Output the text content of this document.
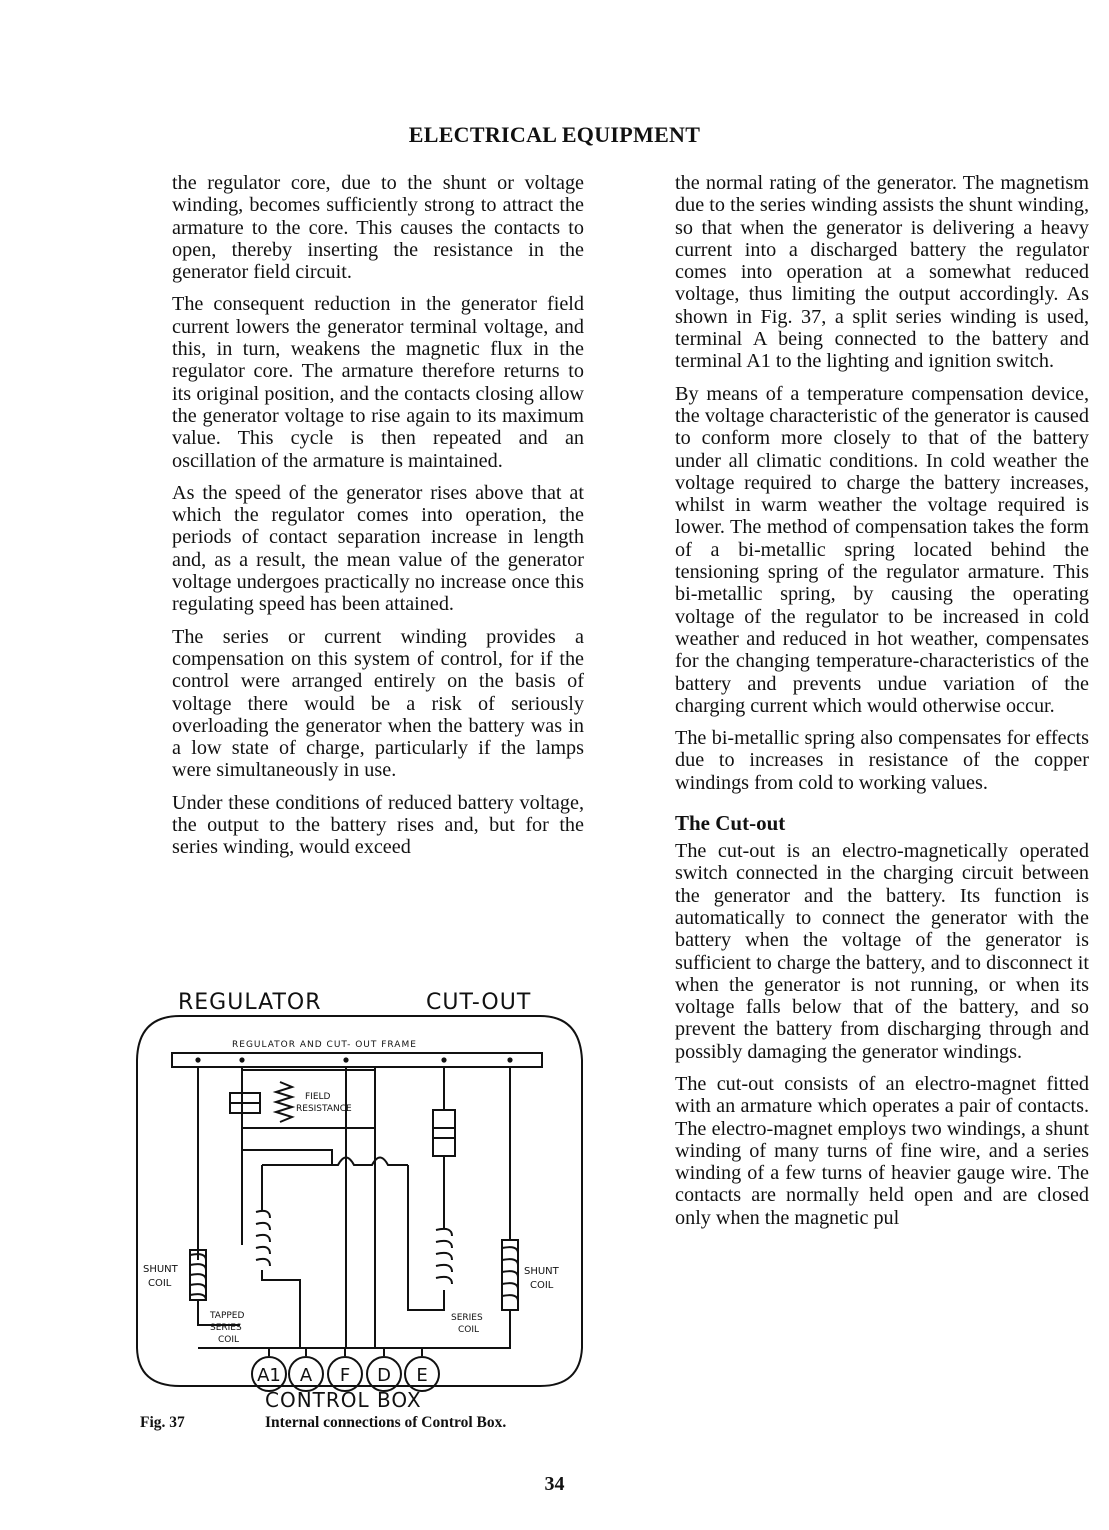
ELECTRICAL EQUIPMENT

the regulator core, due to the shunt or voltage winding, becomes sufficiently strong to attract the armature to the core. This causes the contacts to open, thereby inserting the resistance in the generator field circuit.

The consequent reduction in the generator field current lowers the generator terminal voltage, and this, in turn, weakens the magnetic flux in the regulator core. The armature therefore returns to its original position, and the contacts closing allow the generator voltage to rise again to its maximum value. This cycle is then repeated and an oscillation of the armature is maintained.

As the speed of the generator rises above that at which the regulator comes into operation, the periods of contact separation increase in length and, as a result, the mean value of the generator voltage undergoes practically no increase once this regulating speed has been attained.

The series or current winding provides a compensation on this system of control, for if the control were arranged entirely on the basis of voltage there would be a risk of seriously overloading the generator when the battery was in a low state of charge, particularly if the lamps were simultaneously in use.

Under these conditions of reduced battery voltage, the output to the battery rises and, but for the series winding, would exceed

the normal rating of the generator. The magnetism due to the series winding assists the shunt winding, so that when the generator is delivering a heavy current into a discharged battery the regulator comes into operation at a somewhat reduced voltage, thus limiting the output accordingly. As shown in Fig. 37, a split series winding is used, terminal A being connected to the battery and terminal A1 to the lighting and ignition switch.

By means of a temperature compensation device, the voltage characteristic of the generator is caused to conform more closely to that of the battery under all climatic conditions. In cold weather the voltage required to charge the battery increases, whilst in warm weather the voltage required is lower. The method of compensation takes the form of a bi-metallic spring located behind the tensioning spring of the regulator armature. This bi-metallic spring, by causing the operating voltage of the regulator to be increased in cold weather and reduced in hot weather, compensates for the changing temperature-characteristics of the battery and prevents undue variation of the charging current which would otherwise occur.

The bi-metallic spring also compensates for effects due to increases in resistance of the copper windings from cold to working values.

The Cut-out

The cut-out is an electro-magnetically operated switch connected in the charging circuit between the generator and the battery. Its function is automatically to connect the generator with the battery when the voltage of the generator is sufficient to charge the battery, and to disconnect it when the generator is not running, or when its voltage falls below that of the battery, and so prevent the battery from discharging through and possibly damaging the generator windings.

The cut-out consists of an electro-magnet fitted with an armature which operates a pair of contacts. The electro-magnet employs two windings, a shunt winding of many turns of fine wire, and a series winding of a few turns of heavier gauge wire. The contacts are normally held open and are closed only when the magnetic pul

REGULATOR	CUT-OUT
REGULATOR AND CUT- OUT FRAME
FIELD
RESISTANCE
SHUNT
COIL
TAPPED
SERIES
COIL
SERIES
COIL
SHUNT
COIL
A1 A F D E
CONTROL BOX
Fig. 37	Internal connections of Control Box.
34
